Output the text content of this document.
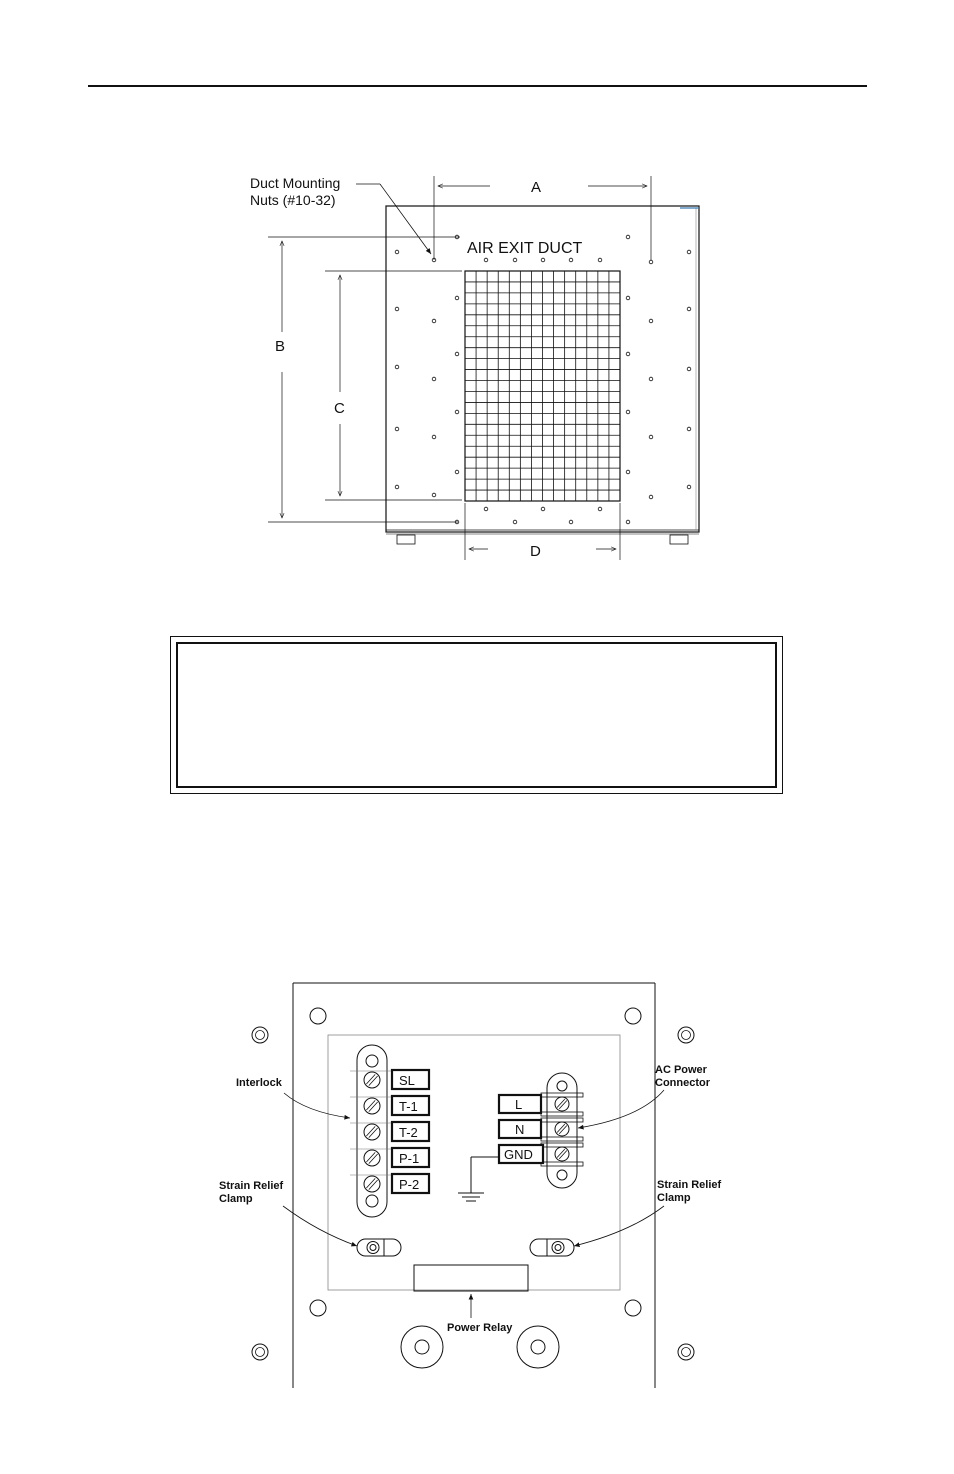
A
B
C
D
AIR EXIT DUCT
Duct Mounting
Nuts (#10-32)
SL
T-1
T-2
P-1
P-2
L
N
GND
Interlock
AC Power
Connector
Strain Relief
Clamp
Strain Relief
Clamp
Power Relay
